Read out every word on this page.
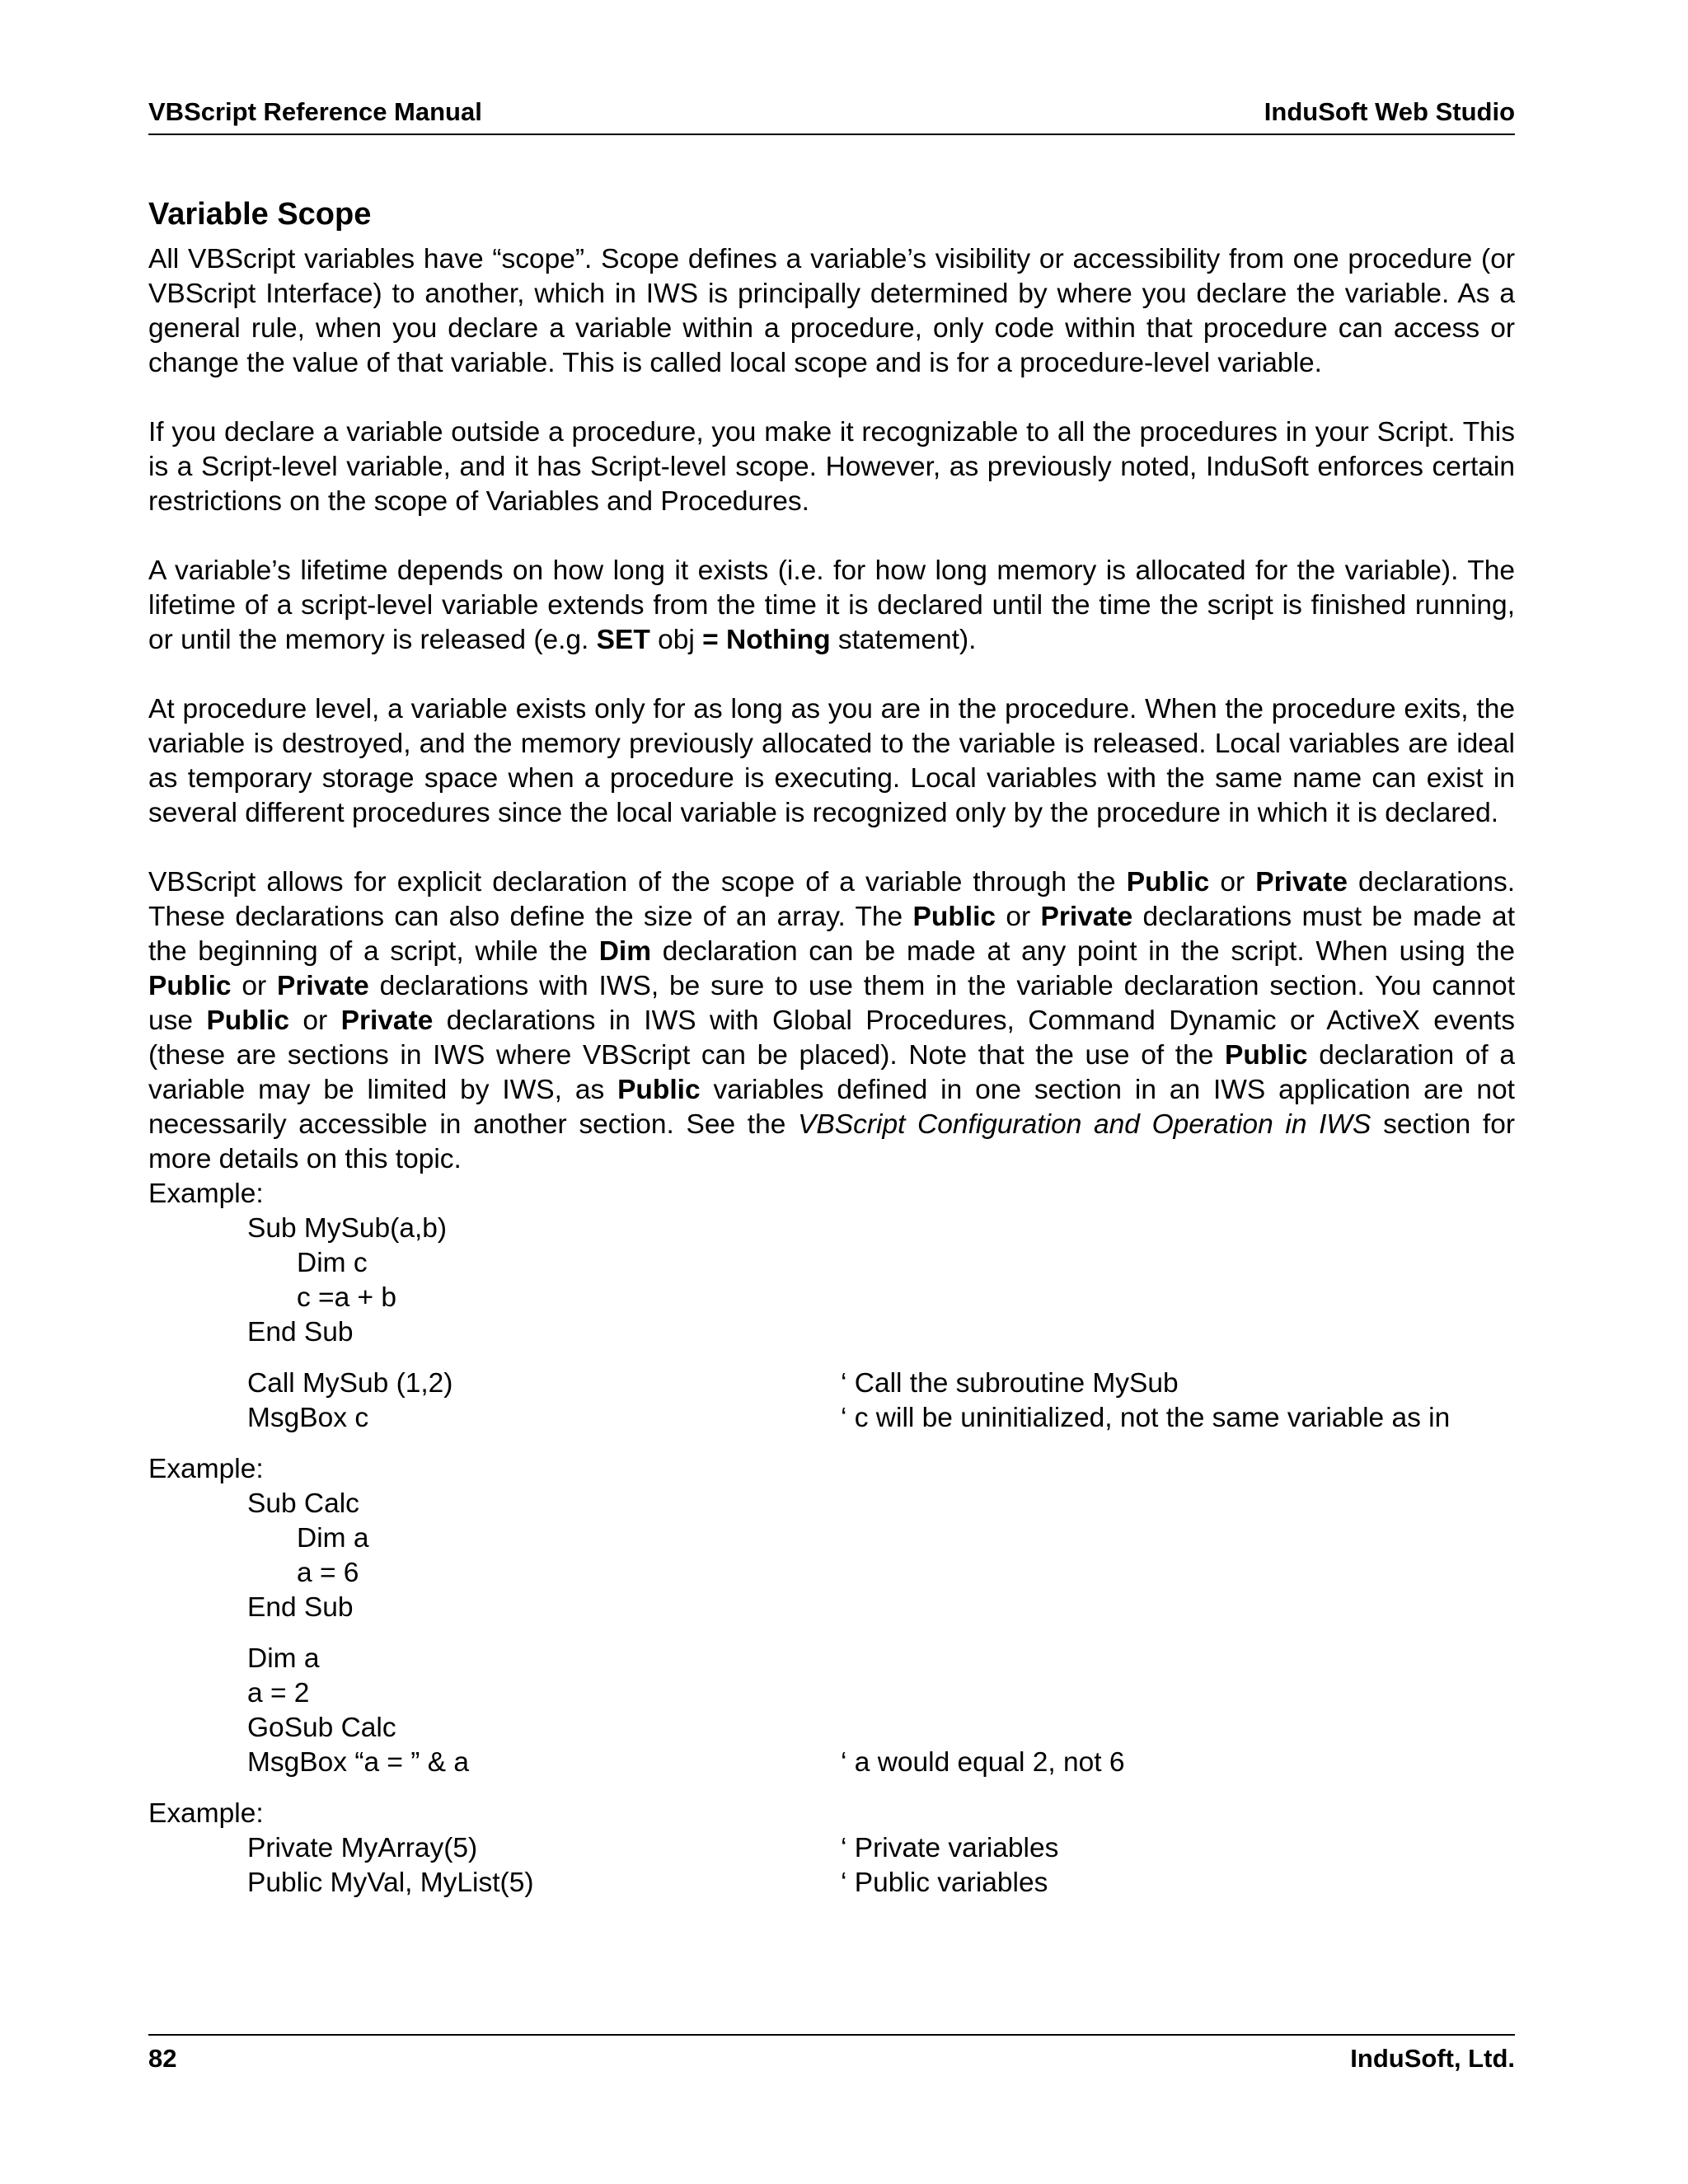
VBScript Reference Manual	InduSoft Web Studio
Variable Scope

All VBScript variables have “scope”. Scope defines a variable’s visibility or accessibility from one procedure (or VBScript Interface) to another, which in IWS is principally determined by where you declare the variable. As a general rule, when you declare a variable within a procedure, only code within that procedure can access or change the value of that variable. This is called local scope and is for a procedure-level variable.

If you declare a variable outside a procedure, you make it recognizable to all the procedures in your Script. This is a Script-level variable, and it has Script-level scope. However, as previously noted, InduSoft enforces certain restrictions on the scope of Variables and Procedures.

A variable’s lifetime depends on how long it exists (i.e. for how long memory is allocated for the variable). The lifetime of a script-level variable extends from the time it is declared until the time the script is finished running, or until the memory is released (e.g. SET obj = Nothing statement).

At procedure level, a variable exists only for as long as you are in the procedure. When the procedure exits, the variable is destroyed, and the memory previously allocated to the variable is released. Local variables are ideal as temporary storage space when a procedure is executing. Local variables with the same name can exist in several different procedures since the local variable is recognized only by the procedure in which it is declared.

VBScript allows for explicit declaration of the scope of a variable through the Public or Private declarations. These declarations can also define the size of an array. The Public or Private declarations must be made at the beginning of a script, while the Dim declaration can be made at any point in the script. When using the Public or Private declarations with IWS, be sure to use them in the variable declaration section. You cannot use Public or Private declarations in IWS with Global Procedures, Command Dynamic or ActiveX events (these are sections in IWS where VBScript can be placed). Note that the use of the Public declaration of a variable may be limited by IWS, as Public variables defined in one section in an IWS application are not necessarily accessible in another section. See the VBScript Configuration and Operation in IWS section for more details on this topic.

Example:
Sub MySub(a,b)
Dim c
c =a + b
End Sub
Call MySub (1,2)	‘ Call the subroutine MySub
MsgBox c	‘ c will be uninitialized, not the same variable as in
Example:
Sub Calc
Dim a
a = 6
End Sub
Dim a
a = 2
GoSub Calc
MsgBox “a = ” & a	‘ a would equal 2, not 6
Example:
Private MyArray(5)	‘ Private variables
Public MyVal, MyList(5)	‘ Public variables
82	InduSoft, Ltd.
